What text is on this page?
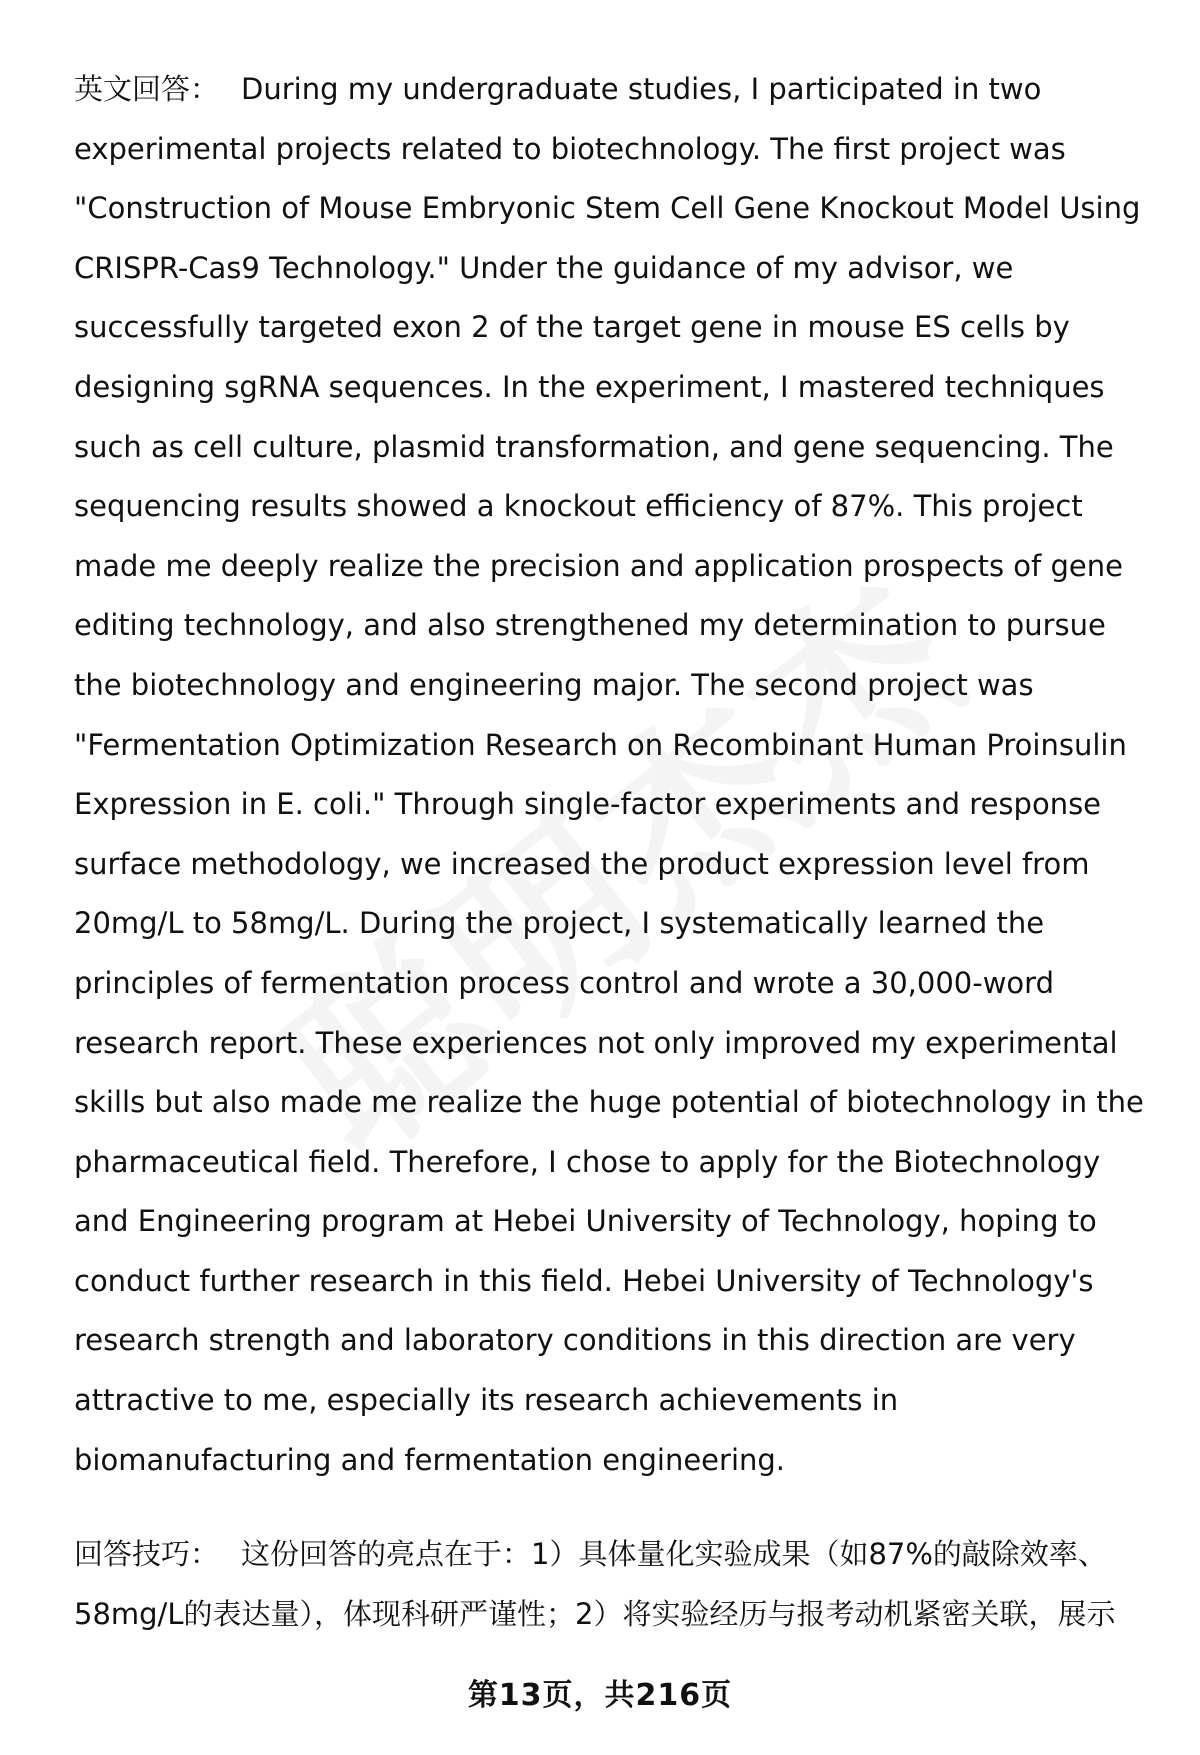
英文回答： During my undergraduate studies, I participated in two experimental projects related to biotechnology. The first project was "Construction of Mouse Embryonic Stem Cell Gene Knockout Model Using CRISPR-Cas9 Technology." Under the guidance of my advisor, we successfully targeted exon 2 of the target gene in mouse ES cells by designing sgRNA sequences. In the experiment, I mastered techniques such as cell culture, plasmid transformation, and gene sequencing. The sequencing results showed a knockout efficiency of 87%. This project made me deeply realize the precision and application prospects of gene editing technology, and also strengthened my determination to pursue the biotechnology and engineering major. The second project was "Fermentation Optimization Research on Recombinant Human Proinsulin Expression in E. coli." Through single-factor experiments and response surface methodology, we increased the product expression level from 20mg/L to 58mg/L. During the project, I systematically learned the principles of fermentation process control and wrote a 30,000-word research report. These experiences not only improved my experimental skills but also made me realize the huge potential of biotechnology in the pharmaceutical field. Therefore, I chose to apply for the Biotechnology and Engineering program at Hebei University of Technology, hoping to conduct further research in this field. Hebei University of Technology's research strength and laboratory conditions in this direction are very attractive to me, especially its research achievements in biomanufacturing and fermentation engineering.

回答技巧： 这份回答的亮点在于：1）具体量化实验成果（如87%的敲除效率、58mg/L的表达量），体现科研严谨性；2）将实验经历与报考动机紧密关联，展示

第13页，共216页
